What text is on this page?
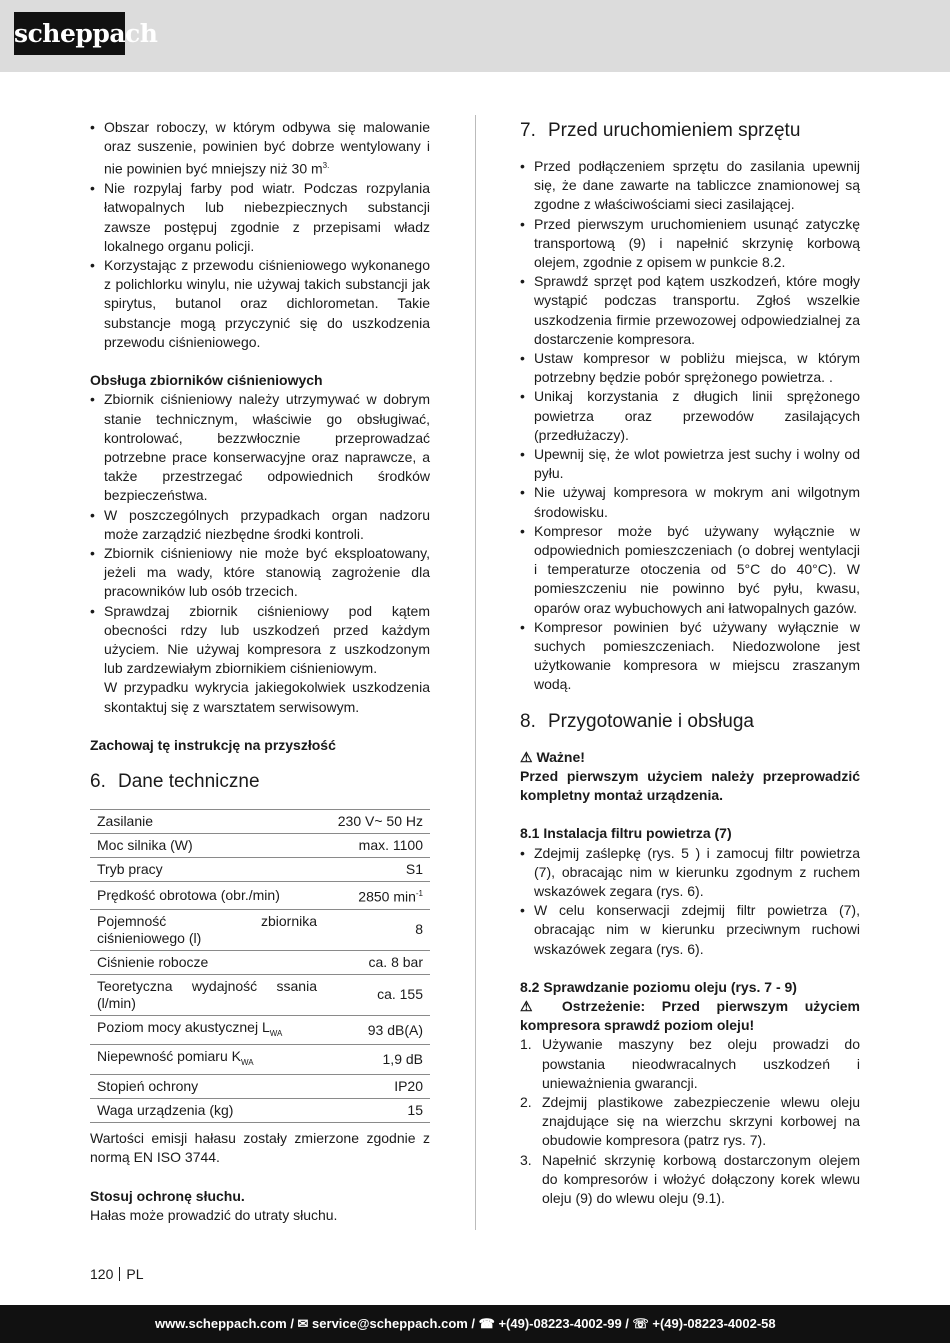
scheppach
• Obszar roboczy, w którym odbywa się malowanie oraz suszenie, powinien być dobrze wentylowany i nie powinien być mniejszy niż 30 $m^{3.}$
• Nie rozpylaj farby pod wiatr. Podczas rozpylania łatwopalnych lub niebezpiecznych substancji zawsze postępuj zgodnie z przepisami władz lokalnego organu policji.
• Korzystając z przewodu ciśnieniowego wykonanego z polichlorku winylu, nie używaj takich substancji jak spirytus, butanol oraz dichlorometan. Takie substancje mogą przyczynić się do uszkodzenia przewodu ciśnieniowego.

Obsługa zbiorników ciśnieniowych

• Zbiornik ciśnieniowy należy utrzymywać w dobrym stanie technicznym, właściwie go obsługiwać, kontrolować, bezzwłocznie przeprowadzać potrzebne prace konserwacyjne oraz naprawcze, a także przestrzegać odpowiednich środków bezpieczeństwa.
• W poszczególnych przypadkach organ nadzoru może zarządzić niezbędne środki kontroli.
• Zbiornik ciśnieniowy nie może być eksploatowany, jeżeli ma wady, które stanowią zagrożenie dla pracowników lub osób trzecich.
• Sprawdzaj zbiornik ciśnieniowy pod kątem obecności rdzy lub uszkodzeń przed każdym użyciem. Nie używaj kompresora z uszkodzonym lub zardzewiałym zbiornikiem ciśnieniowym.
W przypadku wykrycia jakiegokolwiek uszkodzenia skontaktuj się z warsztatem serwisowym.

Zachowaj tę instrukcję na przyszłość

6. Dane techniczne
Zasilanie	230 V~ 50 Hz
Moc silnika (W)	max. 1100
Tryb pracy	S1
Prędkość obrotowa (obr./min)	2850 $\min^{-1}$
Pojemność zbiornika ciśnieniowego (l)	8
Ciśnienie robocze	ca. 8 bar
Teoretyczna wydajność ssania (l/min)	ca. 155
Poziom mocy akustycznej $L_{WA}$	93 dB(A)
Niepewność pomiaru $K_{WA}$	1,9 dB
Stopień ochrony	IP20
Waga urządzenia (kg)	15

Wartości emisji hałasu zostały zmierzone zgodnie z normą EN ISO 3744.

Stosuj ochronę słuchu.

Hałas może prowadzić do utraty słuchu.

7. Przed uruchomieniem sprzętu
• Przed podłączeniem sprzętu do zasilania upewnij się, że dane zawarte na tabliczce znamionowej są zgodne z właściwościami sieci zasilającej.
• Przed pierwszym uruchomieniem usunąć zatyczkę transportową (9) i napełnić skrzynię korbową olejem, zgodnie z opisem w punkcie 8.2.
• Sprawdź sprzęt pod kątem uszkodzeń, które mogły wystąpić podczas transportu. Zgłoś wszelkie uszkodzenia firmie przewozowej odpowiedzialnej za dostarczenie kompresora.
• Ustaw kompresor w pobliżu miejsca, w którym potrzebny będzie pobór sprężonego powietrza. .
• Unikaj korzystania z długich linii sprężonego powietrza oraz przewodów zasilających (przedłużaczy).
• Upewnij się, że wlot powietrza jest suchy i wolny od pyłu.
• Nie używaj kompresora w mokrym ani wilgotnym środowisku.
• Kompresor może być używany wyłącznie w odpowiednich pomieszczeniach (o dobrej wentylacji i temperaturze otoczenia od 5°C do 40°C). W pomieszczeniu nie powinno być pyłu, kwasu, oparów oraz wybuchowych ani łatwopalnych gazów.
• Kompresor powinien być używany wyłącznie w suchych pomieszczeniach. Niedozwolone jest użytkowanie kompresora w miejscu zraszanym wodą.
8. Przygotowanie i obsługa

⚠ Ważne!

Przed pierwszym użyciem należy przeprowadzić kompletny montaż urządzenia.

8.1 Instalacja filtru powietrza (7)

• Zdejmij zaślepkę (rys. 5 ) i zamocuj filtr powietrza (7), obracając nim w kierunku zgodnym z ruchem wskazówek zegara (rys. 6).
• W celu konserwacji zdejmij filtr powietrza (7), obracając nim w kierunku przeciwnym ruchowi wskazówek zegara (rys. 6).

8.2 Sprawdzanie poziomu oleju (rys. 7 - 9)

⚠ Ostrzeżenie: Przed pierwszym użyciem kompresora sprawdź poziom oleju!

1. Używanie maszyny bez oleju prowadzi do powstania nieodwracalnych uszkodzeń i unieważnienia gwarancji.
2. Zdejmij plastikowe zabezpieczenie wlewu oleju znajdujące się na wierzchu skrzyni korbowej na obudowie kompresora (patrz rys. 7).
3. Napełnić skrzynię korbową dostarczonym olejem do kompresorów i włożyć dołączony korek wlewu oleju (9) do wlewu oleju (9.1).
120 PL
www.scheppach.com / ✉ service@scheppach.com / ☎ +(49)-08223-4002-99 / ☏ +(49)-08223-4002-58
